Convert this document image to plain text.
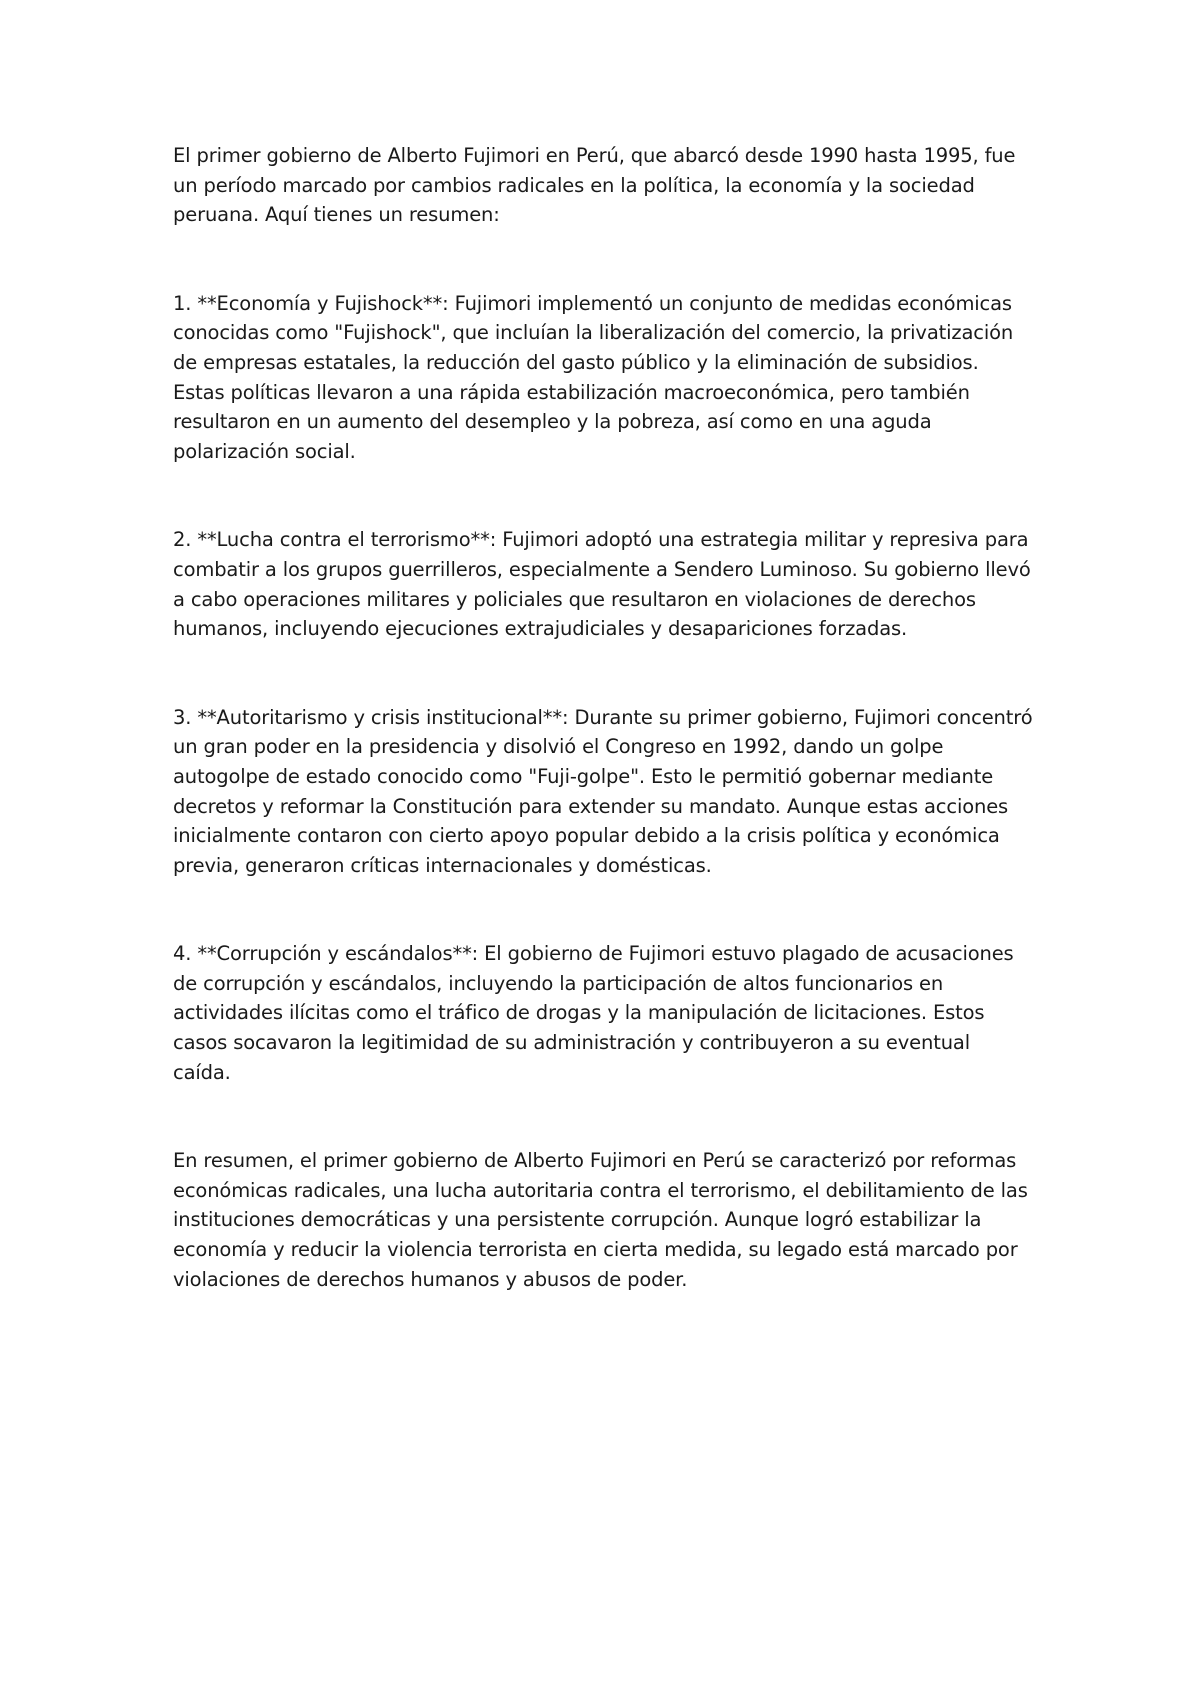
El primer gobierno de Alberto Fujimori en Perú, que abarcó desde 1990 hasta 1995, fue un período marcado por cambios radicales en la política, la economía y la sociedad peruana. Aquí tienes un resumen:

1. **Economía y Fujishock**: Fujimori implementó un conjunto de medidas económicas conocidas como "Fujishock", que incluían la liberalización del comercio, la privatización de empresas estatales, la reducción del gasto público y la eliminación de subsidios. Estas políticas llevaron a una rápida estabilización macroeconómica, pero también resultaron en un aumento del desempleo y la pobreza, así como en una aguda polarización social.

2. **Lucha contra el terrorismo**: Fujimori adoptó una estrategia militar y represiva para combatir a los grupos guerrilleros, especialmente a Sendero Luminoso. Su gobierno llevó a cabo operaciones militares y policiales que resultaron en violaciones de derechos humanos, incluyendo ejecuciones extrajudiciales y desapariciones forzadas.

3. **Autoritarismo y crisis institucional**: Durante su primer gobierno, Fujimori concentró un gran poder en la presidencia y disolvió el Congreso en 1992, dando un golpe autogolpe de estado conocido como "Fuji-golpe". Esto le permitió gobernar mediante decretos y reformar la Constitución para extender su mandato. Aunque estas acciones inicialmente contaron con cierto apoyo popular debido a la crisis política y económica previa, generaron críticas internacionales y domésticas.

4. **Corrupción y escándalos**: El gobierno de Fujimori estuvo plagado de acusaciones de corrupción y escándalos, incluyendo la participación de altos funcionarios en actividades ilícitas como el tráfico de drogas y la manipulación de licitaciones. Estos casos socavaron la legitimidad de su administración y contribuyeron a su eventual caída.

En resumen, el primer gobierno de Alberto Fujimori en Perú se caracterizó por reformas económicas radicales, una lucha autoritaria contra el terrorismo, el debilitamiento de las instituciones democráticas y una persistente corrupción. Aunque logró estabilizar la economía y reducir la violencia terrorista en cierta medida, su legado está marcado por violaciones de derechos humanos y abusos de poder.
